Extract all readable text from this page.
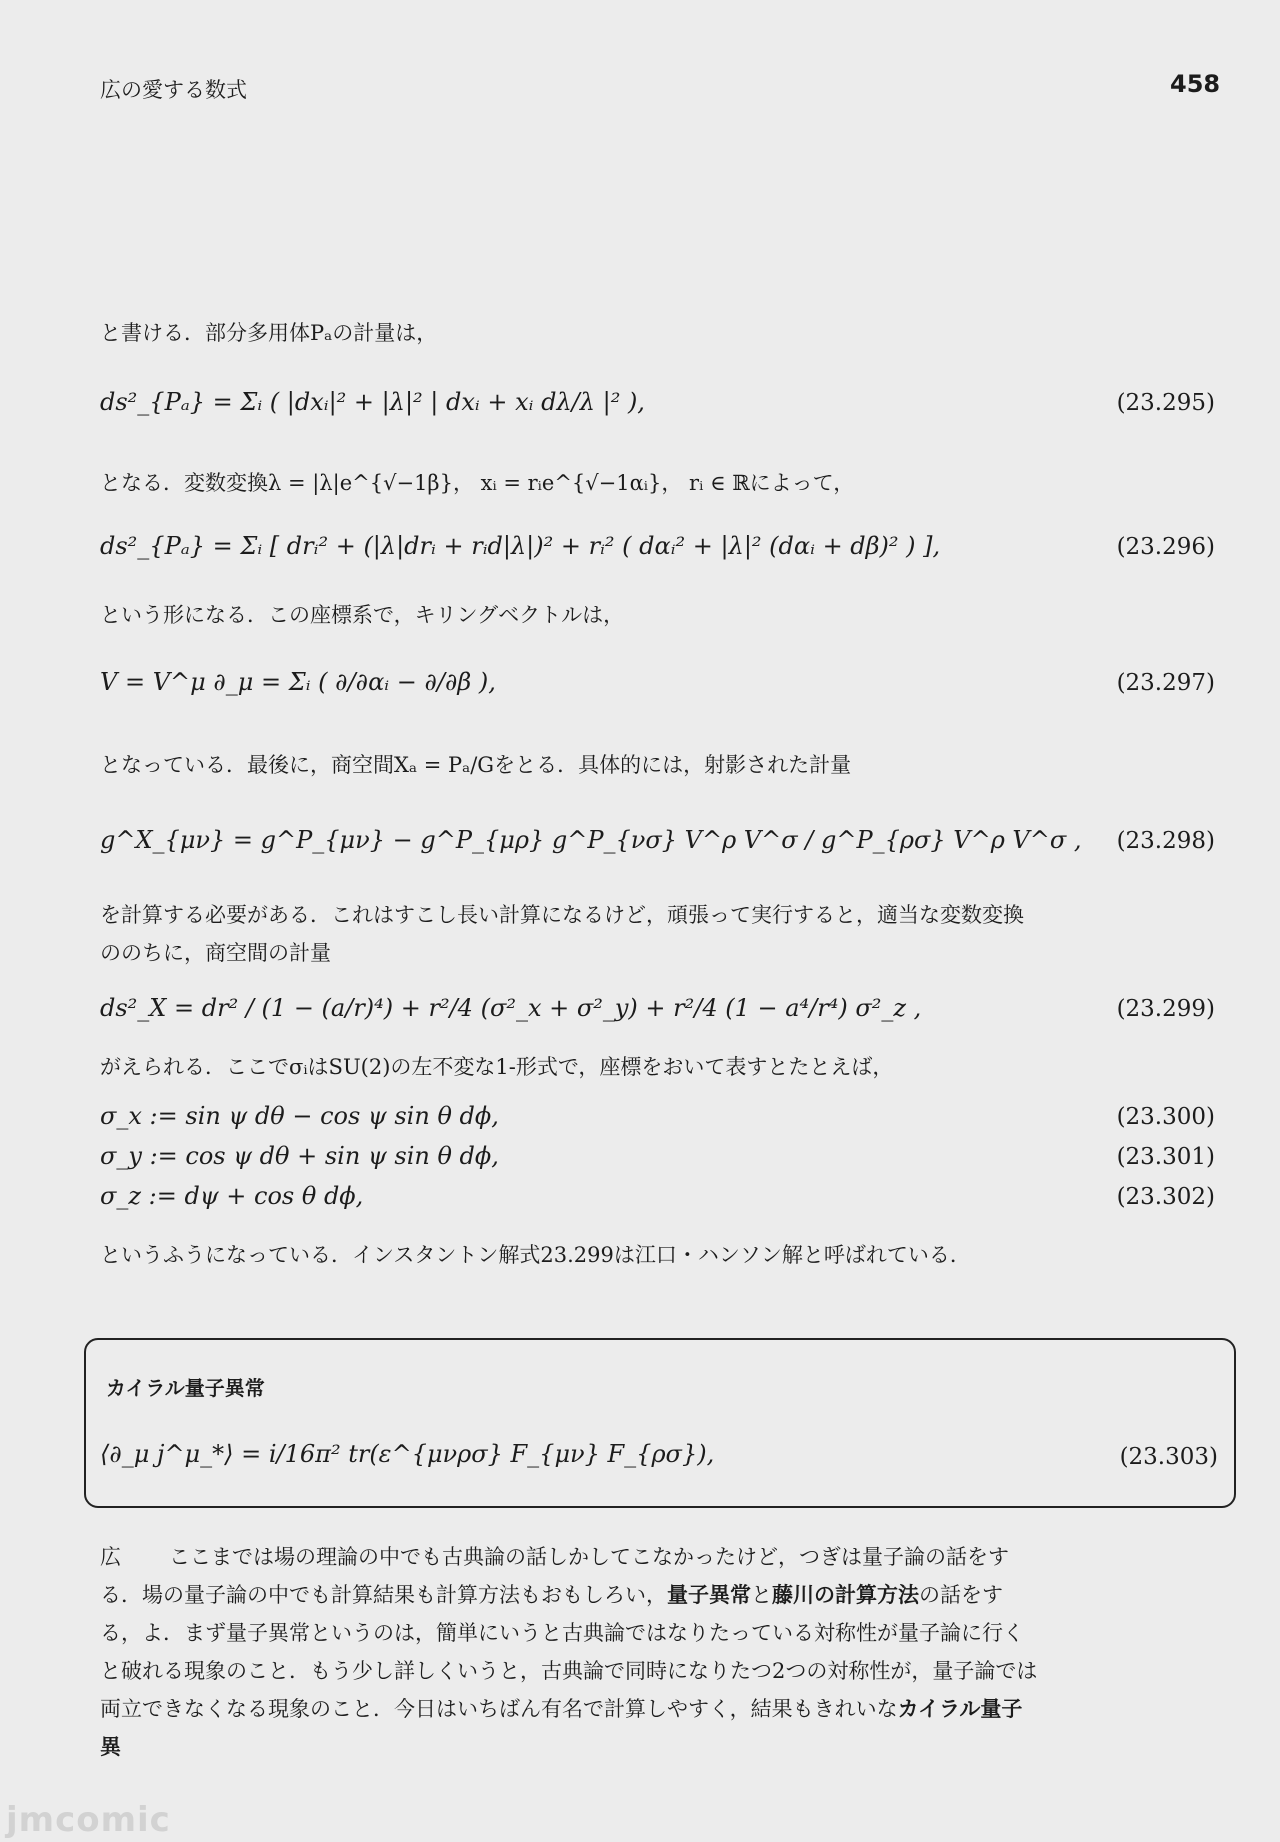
広の愛する数式	458
と書ける．部分多用体Pₐの計量は，
ds²_{Pₐ} = Σᵢ ( |dxᵢ|² + |λ|² | dxᵢ + xᵢ dλ/λ |² ),	(23.295)
となる．変数変換λ = |λ|e^{√−1β}， xᵢ = rᵢe^{√−1αᵢ}， rᵢ ∈ ℝによって，
ds²_{Pₐ} = Σᵢ [ drᵢ² + (|λ|drᵢ + rᵢd|λ|)² + rᵢ² ( dαᵢ² + |λ|² (dαᵢ + dβ)² ) ],	(23.296)
という形になる．この座標系で，キリングベクトルは，
V = V^μ ∂_μ = Σᵢ ( ∂/∂αᵢ − ∂/∂β ),	(23.297)
となっている．最後に，商空間Xₐ = Pₐ/Gをとる．具体的には，射影された計量
g^X_{μν} = g^P_{μν} − g^P_{μρ} g^P_{νσ} V^ρ V^σ / g^P_{ρσ} V^ρ V^σ , (23.298)
を計算する必要がある．これはすこし長い計算になるけど，頑張って実行すると，適当な変数変換
ののちに，商空間の計量
ds²_X = dr² / (1 − (a/r)⁴) + r²/4 (σ²_x + σ²_y) + r²/4 (1 − a⁴/r⁴) σ²_z ,	(23.299)
がえられる．ここでσᵢはSU(2)の左不変な1-形式で，座標をおいて表すとたとえば，
σ_x := sin ψ dθ − cos ψ sin θ dϕ,	(23.300)
σ_y := cos ψ dθ + sin ψ sin θ dϕ,	(23.301)
σ_z := dψ + cos θ dϕ,	(23.302)
というふうになっている．インスタントン解式23.299は江口・ハンソン解と呼ばれている．
カイラル量子異常
⟨∂_μ j^μ_*⟩ = i/16π² tr(ε^{μνρσ} F_{μν} F_{ρσ}),	(23.303)
広 ここまでは場の理論の中でも古典論の話しかしてこなかったけど，つぎは量子論の話をする．場の量子論の中でも計算結果も計算方法もおもしろい，量子異常と藤川の計算方法の話をする，よ．まず量子異常というのは，簡単にいうと古典論ではなりたっている対称性が量子論に行くと破れる現象のこと．もう少し詳しくいうと，古典論で同時になりたつ2つの対称性が，量子論では両立できなくなる現象のこと．今日はいちばん有名で計算しやすく，結果もきれいなカイラル量子異
jmcomic
